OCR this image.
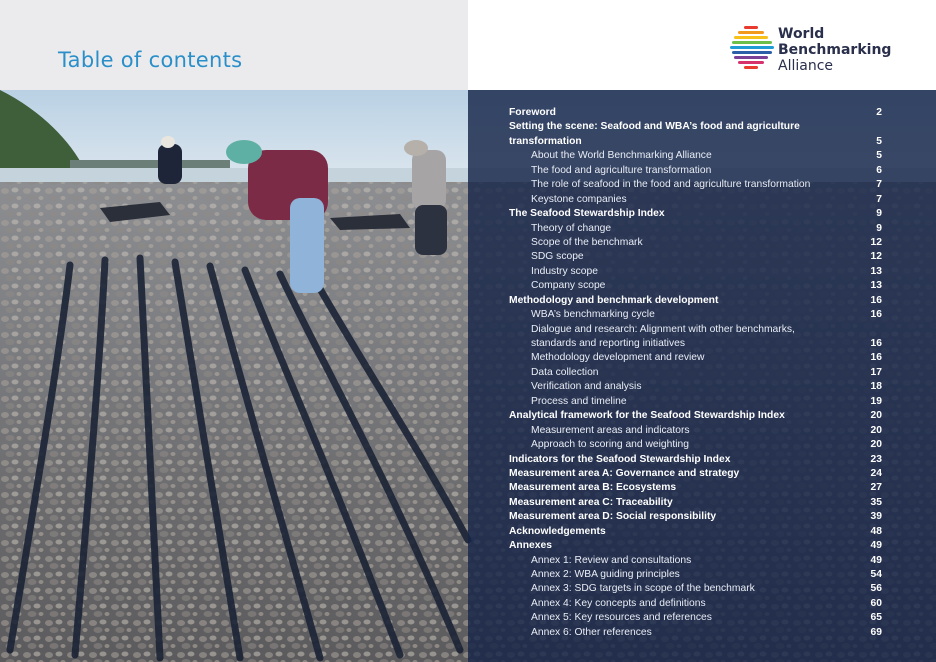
Table of contents
World
Benchmarking
Alliance
Foreword	2
Setting the scene: Seafood and WBA’s food and agriculture
transformation	5
About the World Benchmarking Alliance	5
The food and agriculture transformation	6
The role of seafood in the food and agriculture transformation	7
Keystone companies	7
The Seafood Stewardship Index	9
Theory of change	9
Scope of the benchmark	12
SDG scope	12
Industry scope	13
Company scope	13
Methodology and benchmark development	16
WBA’s benchmarking cycle	16
Dialogue and research: Alignment with other benchmarks,
standards and reporting initiatives	16
Methodology development and review	16
Data collection	17
Verification and analysis	18
Process and timeline	19
Analytical framework for the Seafood Stewardship Index	20
Measurement areas and indicators	20
Approach to scoring and weighting	20
Indicators for the Seafood Stewardship Index	23
Measurement area A: Governance and strategy	24
Measurement area B: Ecosystems	27
Measurement area C: Traceability	35
Measurement area D: Social responsibility	39
Acknowledgements	48
Annexes	49
Annex 1: Review and consultations	49
Annex 2: WBA guiding principles	54
Annex 3: SDG targets in scope of the benchmark	56
Annex 4: Key concepts and definitions	60
Annex 5: Key resources and references	65
Annex 6: Other references	69
